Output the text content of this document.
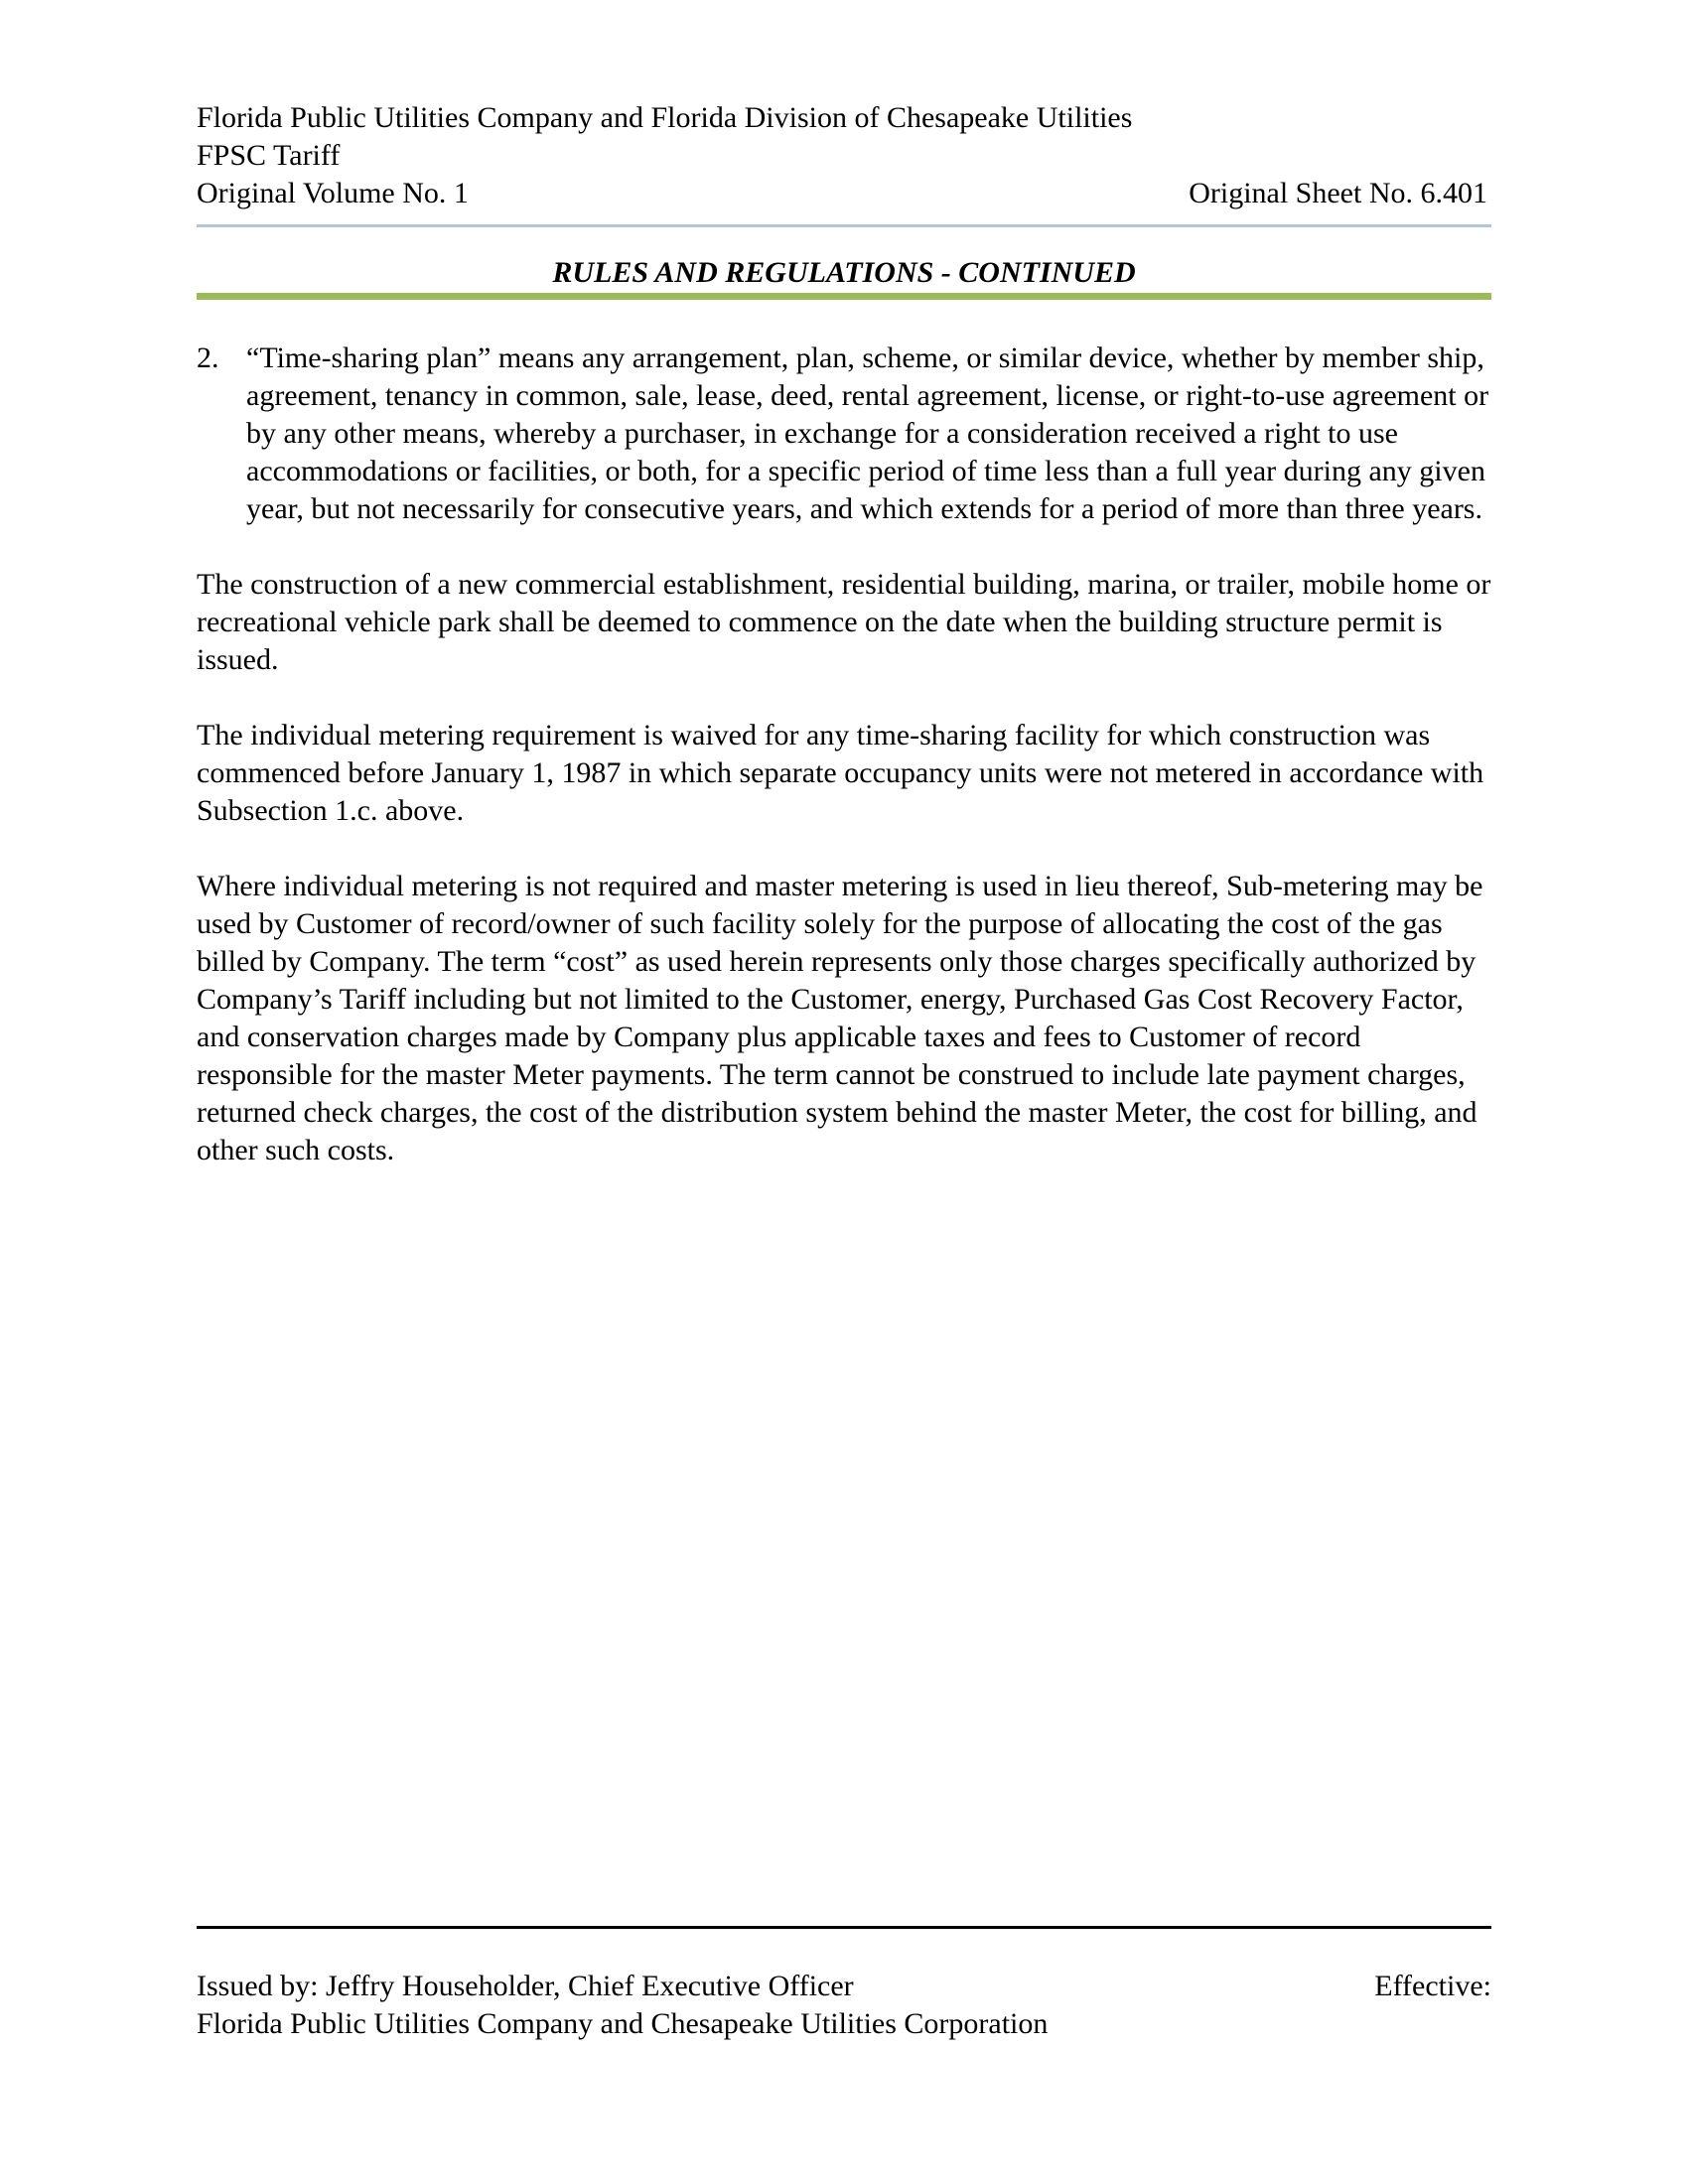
Florida Public Utilities Company and Florida Division of Chesapeake Utilities
FPSC Tariff
Original Volume No. 1	Original Sheet No. 6.401
RULES AND REGULATIONS - CONTINUED
2. “Time-sharing plan” means any arrangement, plan, scheme, or similar device, whether by member ship, agreement, tenancy in common, sale, lease, deed, rental agreement, license, or right-to-use agreement or by any other means, whereby a purchaser, in exchange for a consideration received a right to use accommodations or facilities, or both, for a specific period of time less than a full year during any given year, but not necessarily for consecutive years, and which extends for a period of more than three years.

The construction of a new commercial establishment, residential building, marina, or trailer, mobile home or recreational vehicle park shall be deemed to commence on the date when the building structure permit is issued.

The individual metering requirement is waived for any time-sharing facility for which construction was commenced before January 1, 1987 in which separate occupancy units were not metered in accordance with Subsection 1.c. above.

Where individual metering is not required and master metering is used in lieu thereof, Sub-metering may be used by Customer of record/owner of such facility solely for the purpose of allocating the cost of the gas billed by Company. The term “cost” as used herein represents only those charges specifically authorized by Company’s Tariff including but not limited to the Customer, energy, Purchased Gas Cost Recovery Factor, and conservation charges made by Company plus applicable taxes and fees to Customer of record responsible for the master Meter payments. The term cannot be construed to include late payment charges, returned check charges, the cost of the distribution system behind the master Meter, the cost for billing, and other such costs.

Issued by: Jeffry Householder, Chief Executive Officer	Effective:
Florida Public Utilities Company and Chesapeake Utilities Corporation
